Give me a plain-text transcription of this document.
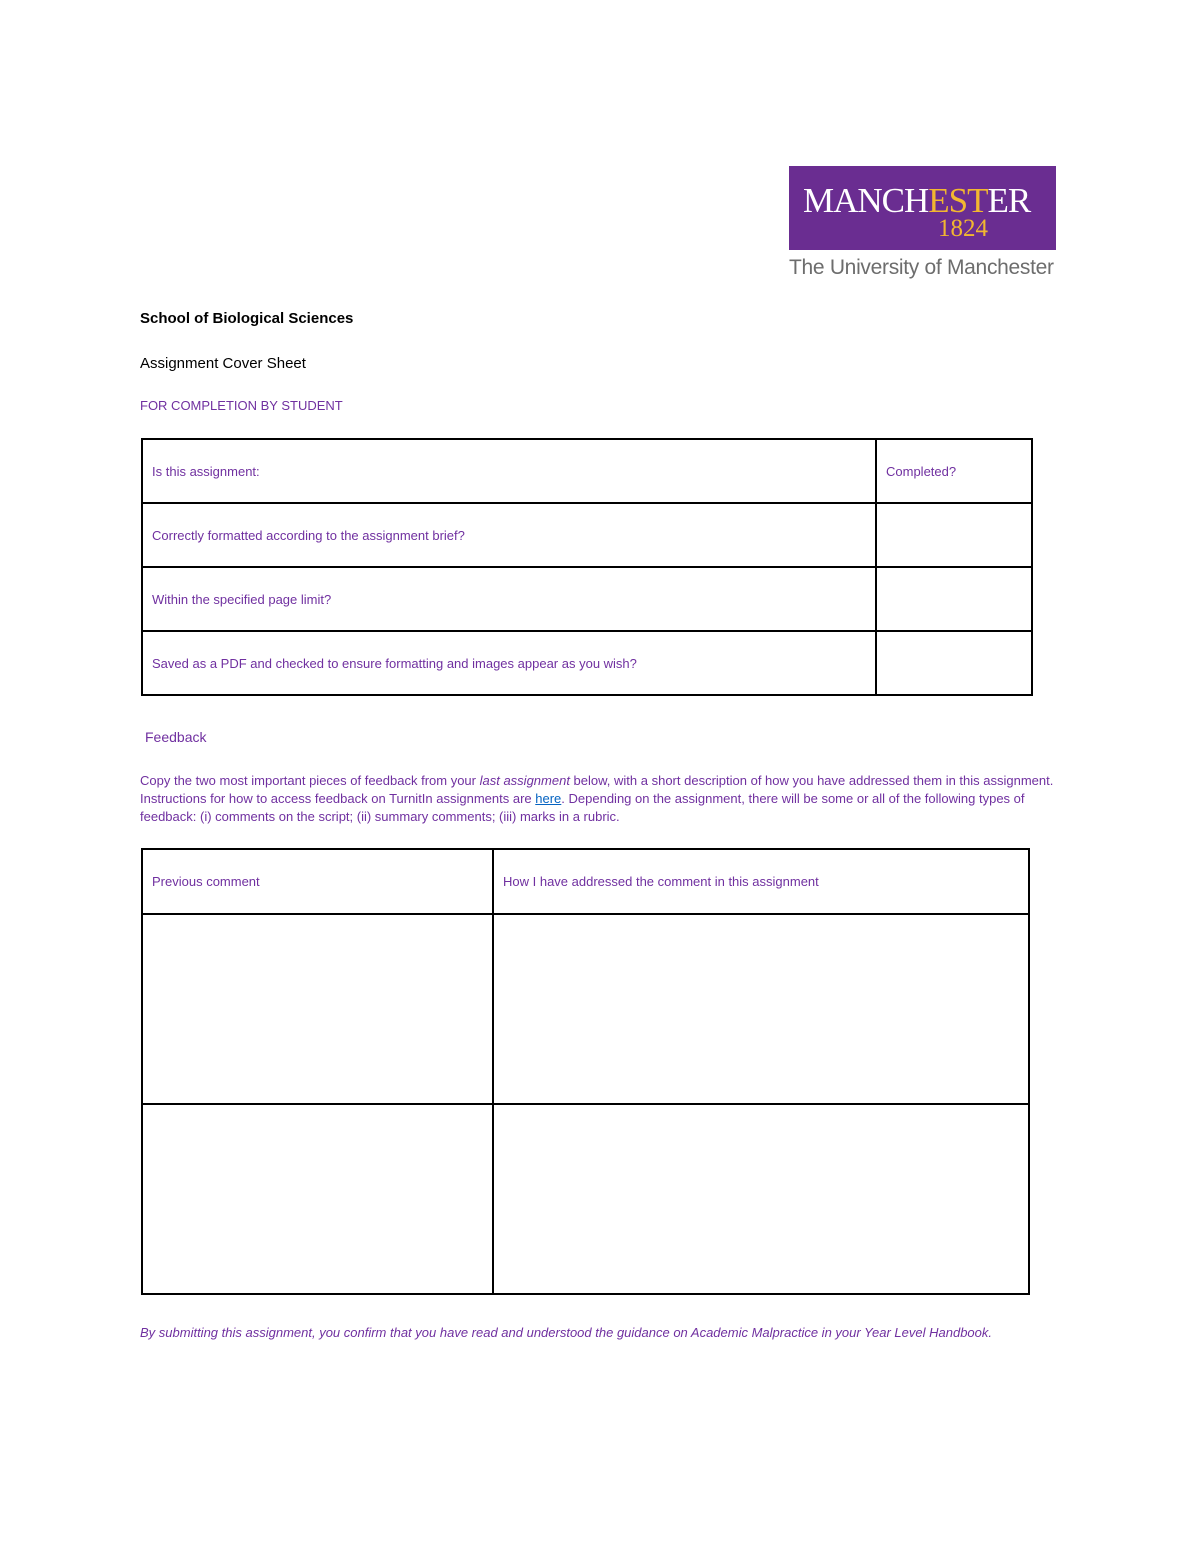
MANCHESTER
1824
The University of Manchester
School of Biological Sciences
Assignment Cover Sheet
FOR COMPLETION BY STUDENT
Is this assignment:	Completed?
Correctly formatted according to the assignment brief?	
Within the specified page limit?	
Saved as a PDF and checked to ensure formatting and images appear as you wish?	
Feedback
Copy the two most important pieces of feedback from your last assignment below, with a short description of how you have addressed them in this assignment. Instructions for how to access feedback on TurnitIn assignments are here. Depending on the assignment, there will be some or all of the following types of feedback: (i) comments on the script; (ii) summary comments; (iii) marks in a rubric.
Previous comment	How I have addressed the comment in this assignment

By submitting this assignment, you confirm that you have read and understood the guidance on Academic Malpractice in your Year Level Handbook.
